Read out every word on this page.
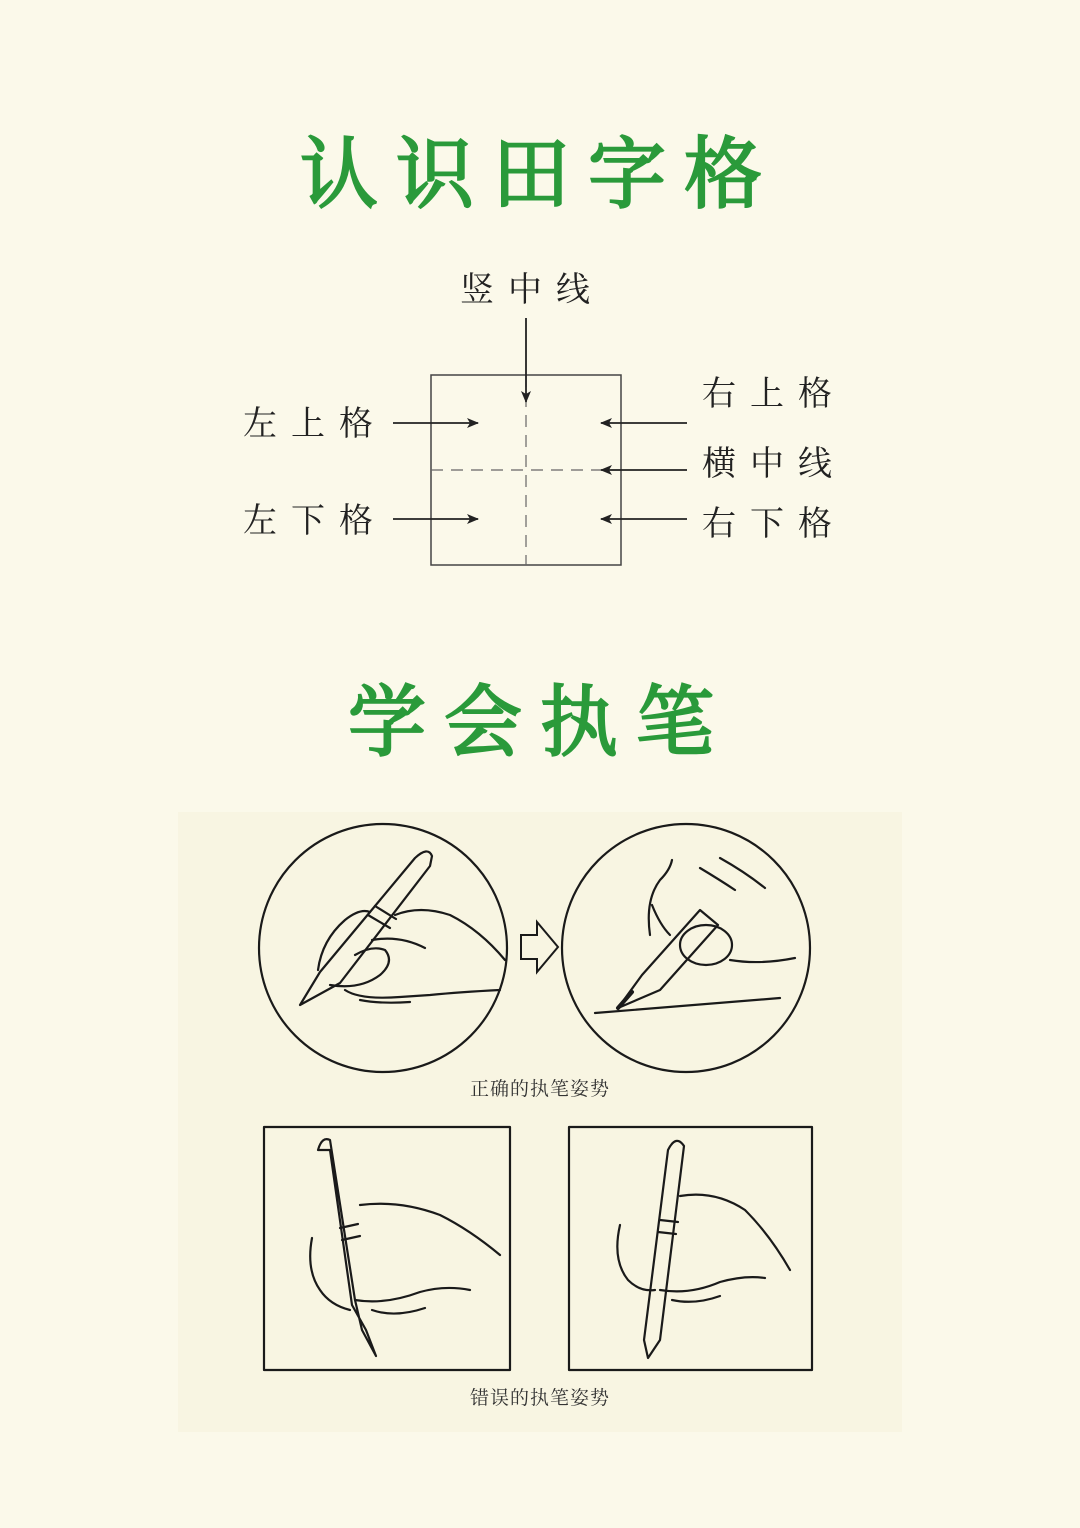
认识田字格
竖中线
左上格
左下格
右上格
横中线
右下格
学会执笔
正确的执笔姿势
错误的执笔姿势
